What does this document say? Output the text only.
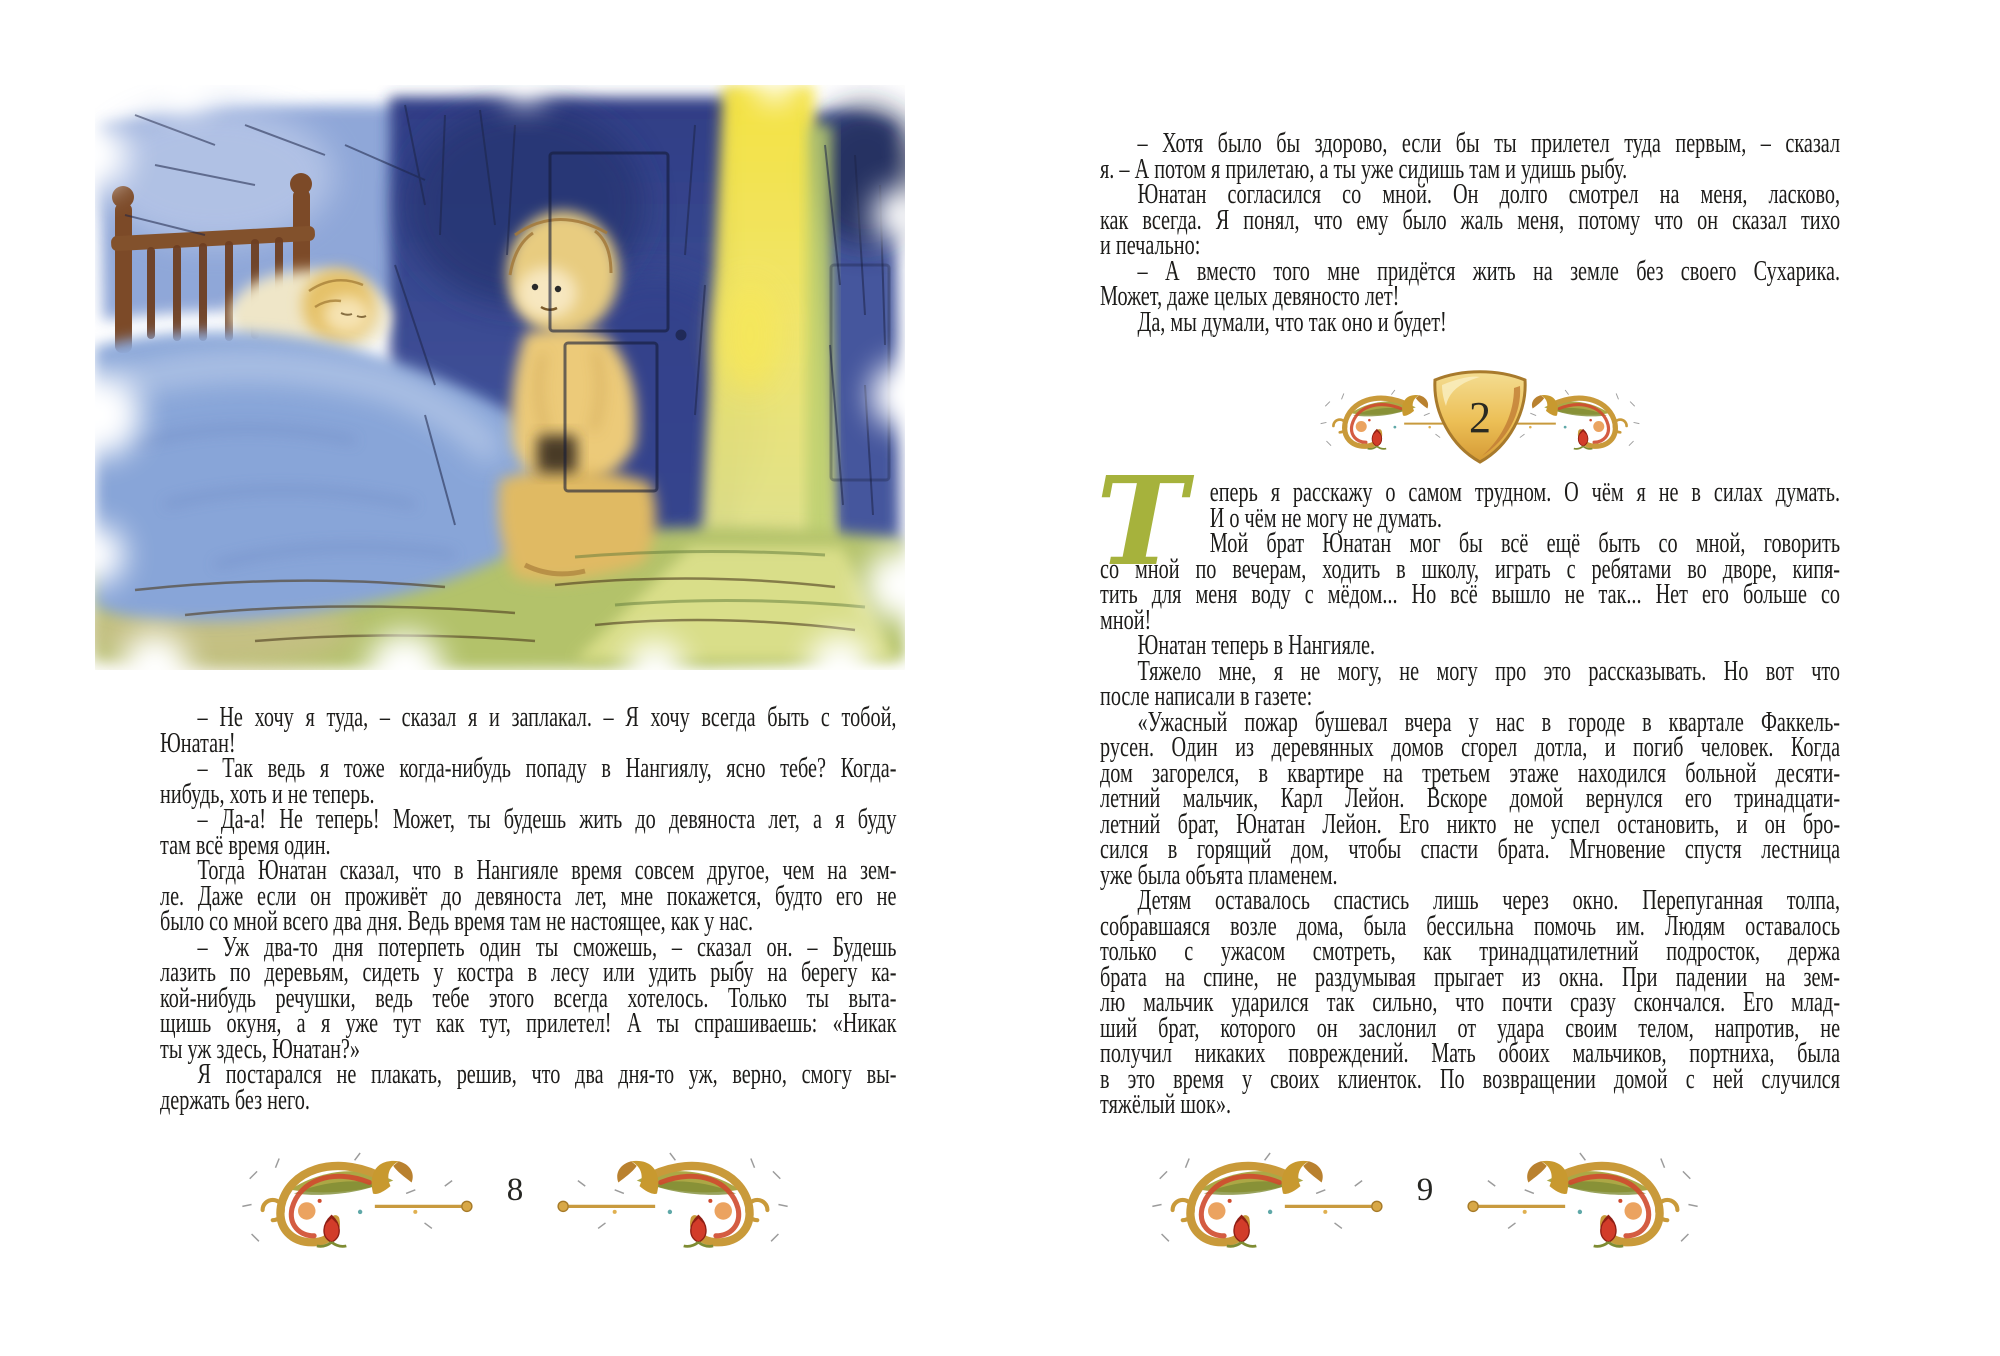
– Не хочу я туда, – сказал я и заплакал. – Я хочу всегда быть с тобой,
Юнатан!
– Так ведь я тоже когда-нибудь попаду в Нангиялу, ясно тебе? Когда-
нибудь, хоть и не теперь.
– Да-а! Не теперь! Может, ты будешь жить до девяноста лет, а я буду
там всё время один.
Тогда Юнатан сказал, что в Нангияле время совсем другое, чем на зем-
ле. Даже если он проживёт до девяноста лет, мне покажется, будто его не
было со мной всего два дня. Ведь время там не настоящее, как у нас.
– Уж два-то дня потерпеть один ты сможешь, – сказал он. – Будешь
лазить по деревьям, сидеть у костра в лесу или удить рыбу на берегу ка-
кой-нибудь речушки, ведь тебе этого всегда хотелось. Только ты выта-
щишь окуня, а я уже тут как тут, прилетел! А ты спрашиваешь: «Никак
ты уж здесь, Юнатан?»
Я постарался не плакать, решив, что два дня-то уж, верно, смогу вы-
держать без него.
– Хотя было бы здорово, если бы ты прилетел туда первым, – сказал
я. – А потом я прилетаю, а ты уже сидишь там и удишь рыбу.
Юнатан согласился со мной. Он долго смотрел на меня, ласково,
как всегда. Я понял, что ему было жаль меня, потому что он сказал тихо
и печально:
– А вместо того мне придётся жить на земле без своего Сухарика.
Может, даже целых девяносто лет!
Да, мы думали, что так оно и будет!
2
Т еперь я расскажу о самом трудном. О чём я не в силах думать.
И о чём не могу не думать.
Мой брат Юнатан мог бы всё ещё быть со мной, говорить
со мной по вечерам, ходить в школу, играть с ребятами во дворе, кипя-
тить для меня воду с мёдом... Но всё вышло не так... Нет его больше со
мной!
Юнатан теперь в Нангияле.
Тяжело мне, я не могу, не могу про это рассказывать. Но вот что
после написали в газете:
«Ужасный пожар бушевал вчера у нас в городе в квартале Факкель-
русен. Один из деревянных домов сгорел дотла, и погиб человек. Когда
дом загорелся, в квартире на третьем этаже находился больной десяти-
летний мальчик, Карл Лейон. Вскоре домой вернулся его тринадцати-
летний брат, Юнатан Лейон. Его никто не успел остановить, и он бро-
сился в горящий дом, чтобы спасти брата. Мгновение спустя лестница
уже была объята пламенем.
Детям оставалось спастись лишь через окно. Перепуганная толпа,
собравшаяся возле дома, была бессильна помочь им. Людям оставалось
только с ужасом смотреть, как тринадцатилетний подросток, держа
брата на спине, не раздумывая прыгает из окна. При падении на зем-
лю мальчик ударился так сильно, что почти сразу скончался. Его млад-
ший брат, которого он заслонил от удара своим телом, напротив, не
получил никаких повреждений. Мать обоих мальчиков, портниха, была
в это время у своих клиенток. По возвращении домой с ней случился
тяжёлый шок».
8	9
